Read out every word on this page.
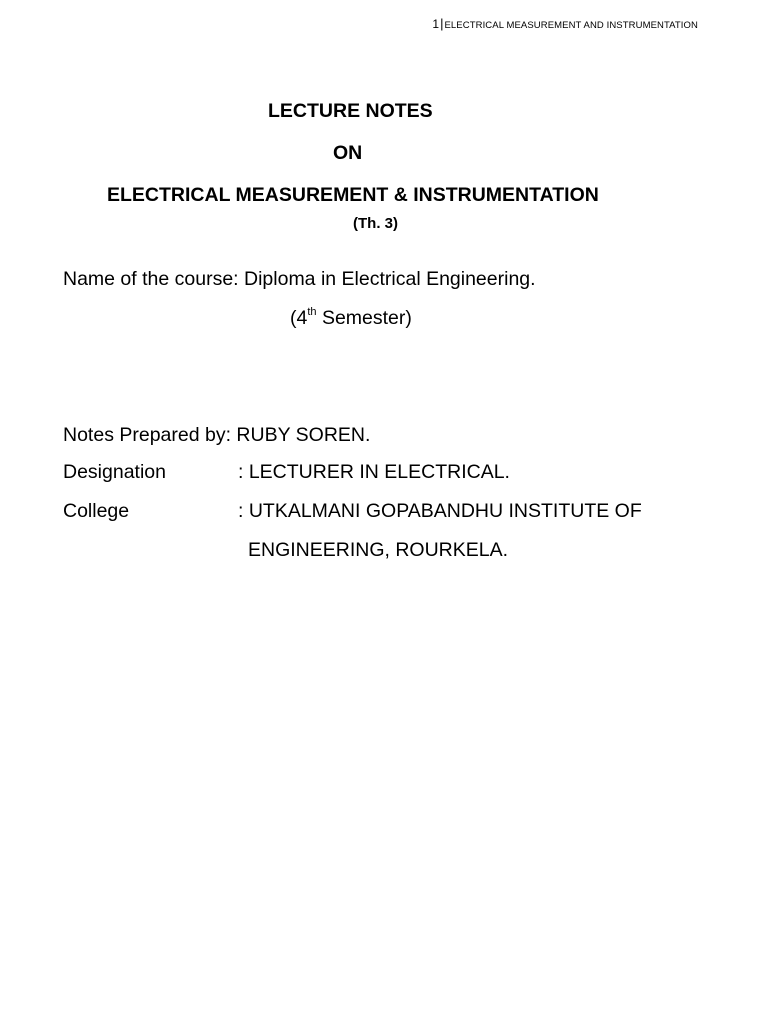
1|ELECTRICAL MEASUREMENT AND INSTRUMENTATION
LECTURE NOTES
ON
ELECTRICAL MEASUREMENT & INSTRUMENTATION
(Th. 3)
Name of the course: Diploma in Electrical Engineering.
(4th Semester)
Notes Prepared by: RUBY SOREN.
Designation	: LECTURER IN ELECTRICAL.
College	: UTKALMANI GOPABANDHU INSTITUTE OF
ENGINEERING, ROURKELA.
